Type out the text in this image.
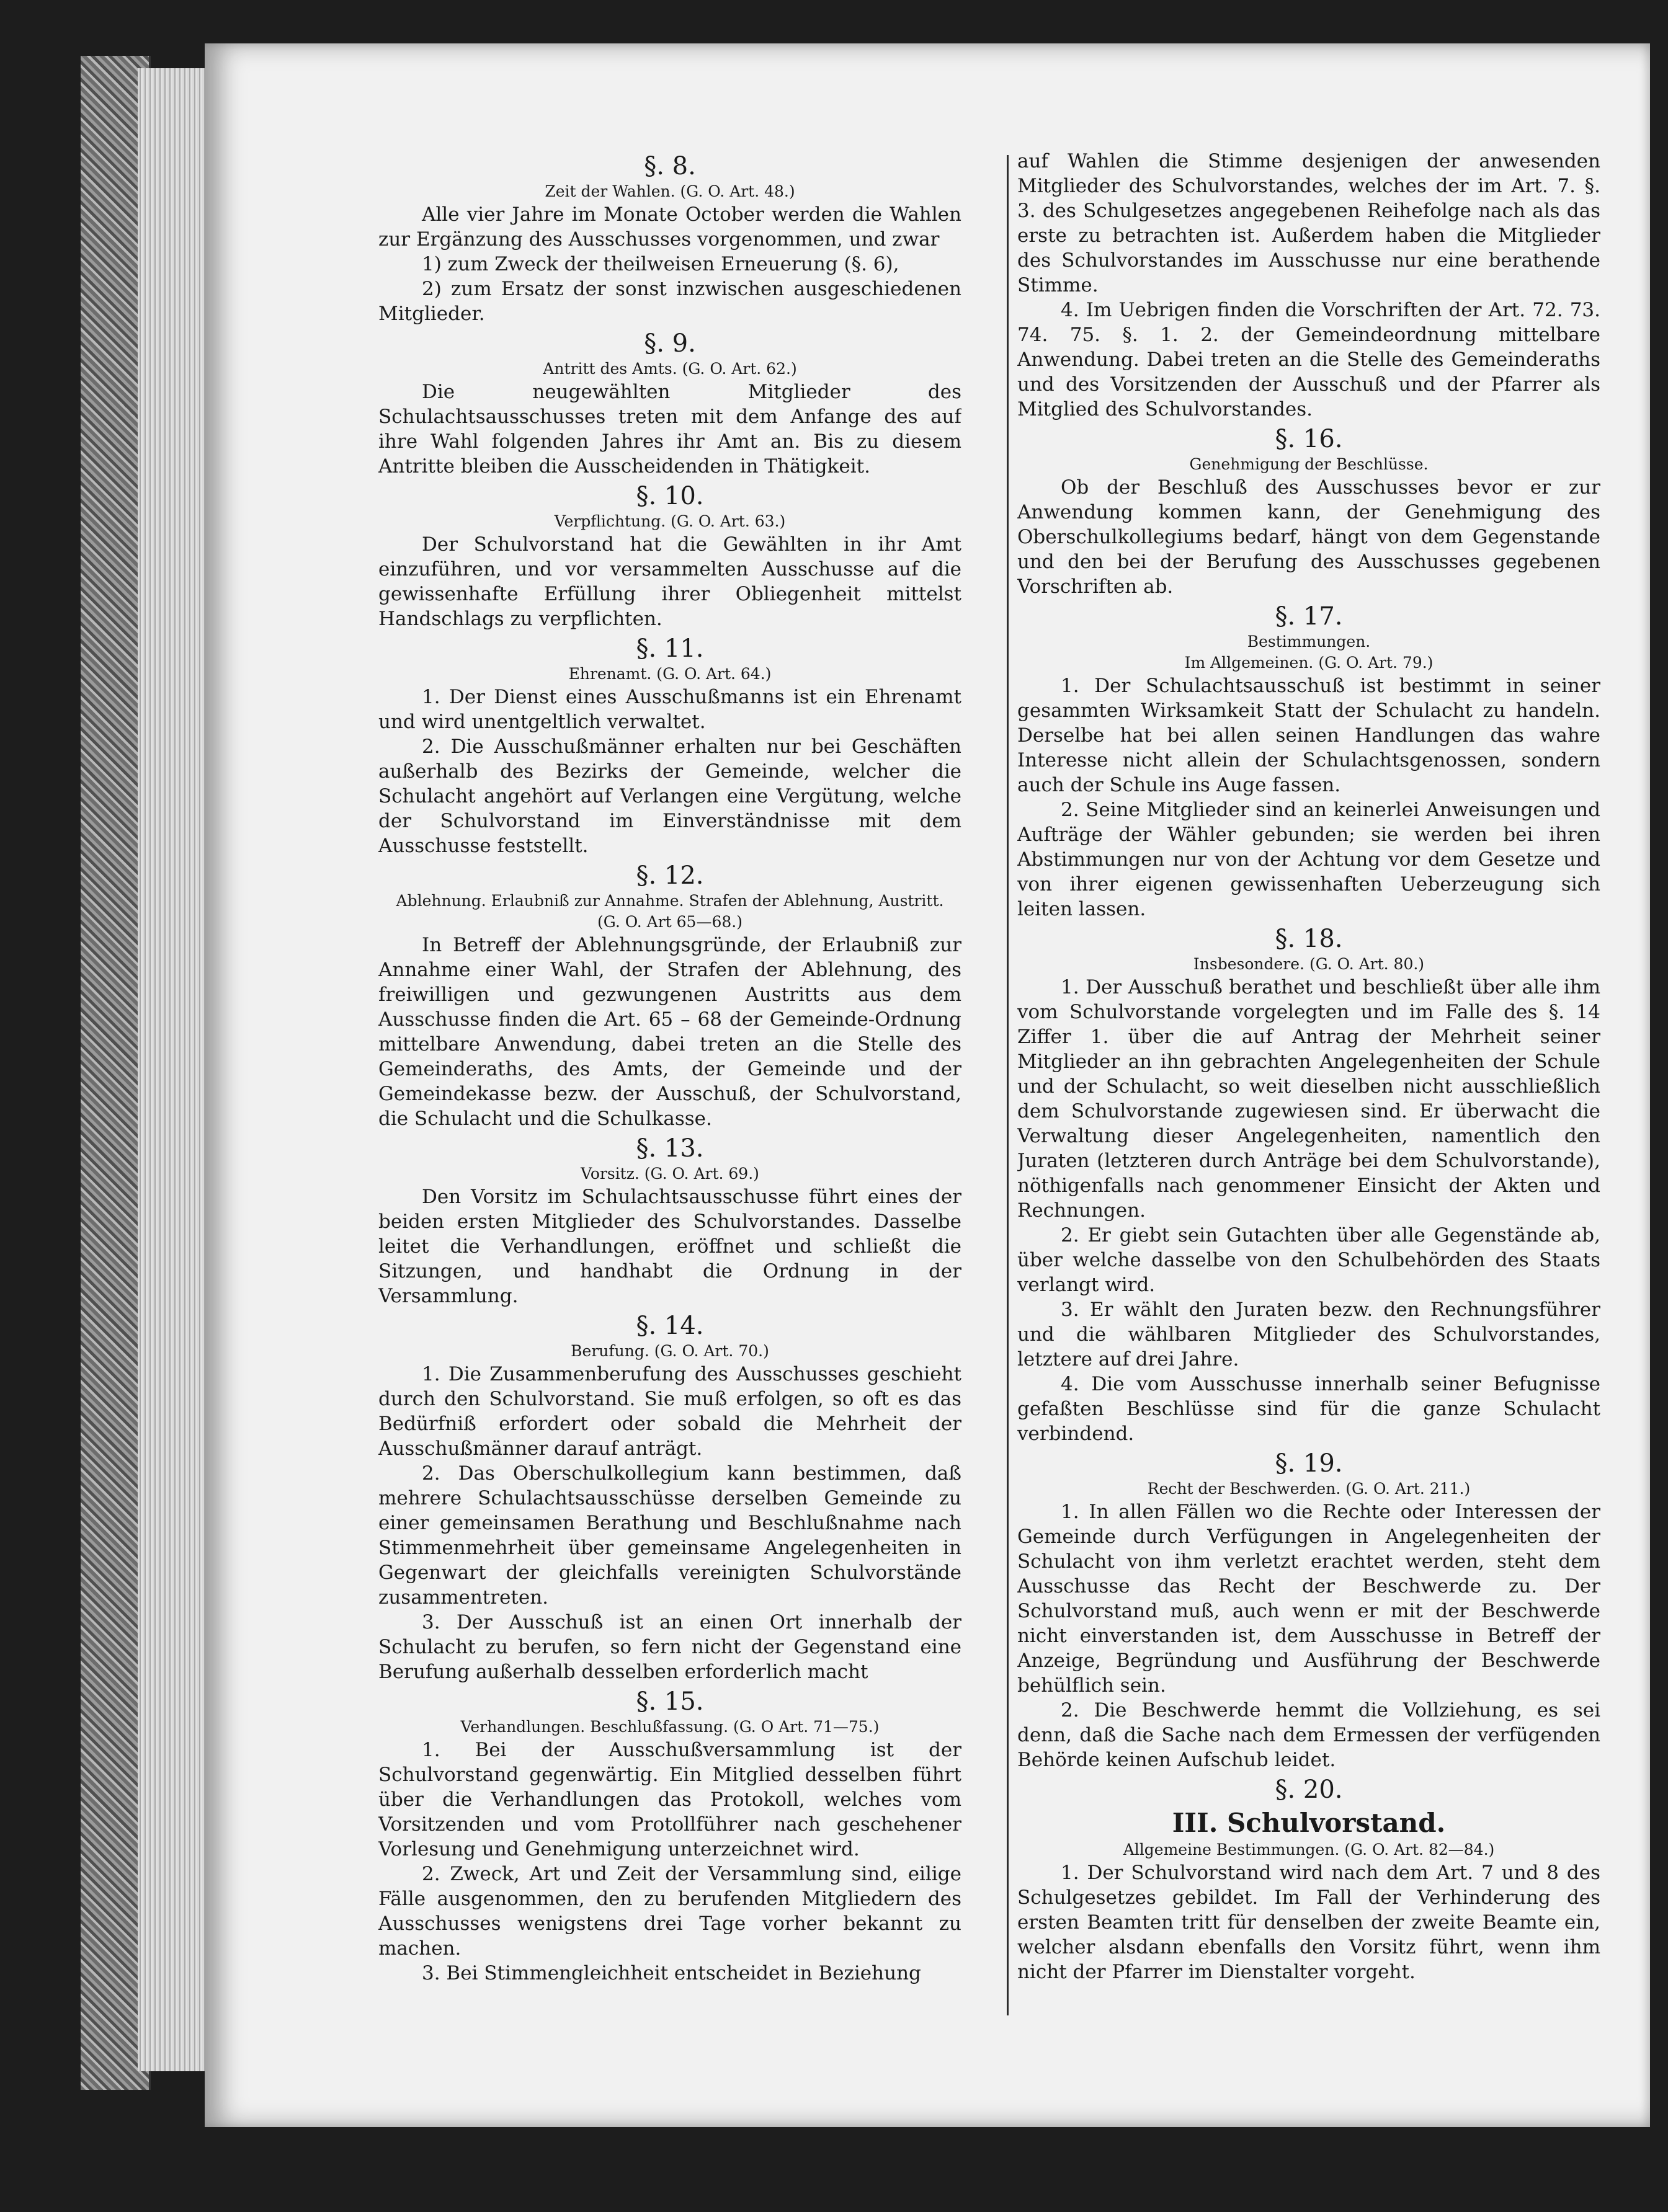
§. 8.

Zeit der Wahlen. (G. O. Art. 48.)

Alle vier Jahre im Monate October werden die Wahlen zur Ergänzung des Ausschusses vorgenommen, und zwar

1) zum Zweck der theilweisen Erneuerung (§. 6),

2) zum Ersatz der sonst inzwischen ausgeschiedenen Mitglieder.

§. 9.

Antritt des Amts. (G. O. Art. 62.)

Die neugewählten Mitglieder des Schulachtsausschusses treten mit dem Anfange des auf ihre Wahl folgenden Jahres ihr Amt an. Bis zu diesem Antritte bleiben die Ausscheidenden in Thätigkeit.

§. 10.

Verpflichtung. (G. O. Art. 63.)

Der Schulvorstand hat die Gewählten in ihr Amt einzuführen, und vor versammelten Ausschusse auf die gewissenhafte Erfüllung ihrer Obliegenheit mittelst Handschlags zu verpflichten.

§. 11.

Ehrenamt. (G. O. Art. 64.)

1. Der Dienst eines Ausschußmanns ist ein Ehrenamt und wird unentgeltlich verwaltet.

2. Die Ausschußmänner erhalten nur bei Geschäften außerhalb des Bezirks der Gemeinde, welcher die Schulacht angehört auf Verlangen eine Vergütung, welche der Schulvorstand im Einverständnisse mit dem Ausschusse feststellt.

§. 12.

Ablehnung. Erlaubniß zur Annahme. Strafen der Ablehnung, Austritt.

(G. O. Art 65—68.)

In Betreff der Ablehnungsgründe, der Erlaubniß zur Annahme einer Wahl, der Strafen der Ablehnung, des freiwilligen und gezwungenen Austritts aus dem Ausschusse finden die Art. 65 – 68 der Gemeinde-Ordnung mittelbare Anwendung, dabei treten an die Stelle des Gemeinderaths, des Amts, der Gemeinde und der Gemeindekasse bezw. der Ausschuß, der Schulvorstand, die Schulacht und die Schulkasse.

§. 13.

Vorsitz. (G. O. Art. 69.)

Den Vorsitz im Schulachtsausschusse führt eines der beiden ersten Mitglieder des Schulvorstandes. Dasselbe leitet die Verhandlungen, eröffnet und schließt die Sitzungen, und handhabt die Ordnung in der Versammlung.

§. 14.

Berufung. (G. O. Art. 70.)

1. Die Zusammenberufung des Ausschusses geschieht durch den Schulvorstand. Sie muß erfolgen, so oft es das Bedürfniß erfordert oder sobald die Mehrheit der Ausschußmänner darauf anträgt.

2. Das Oberschulkollegium kann bestimmen, daß mehrere Schulachtsausschüsse derselben Gemeinde zu einer gemeinsamen Berathung und Beschlußnahme nach Stimmenmehrheit über gemeinsame Angelegenheiten in Gegenwart der gleichfalls vereinigten Schulvorstände zusammentreten.

3. Der Ausschuß ist an einen Ort innerhalb der Schulacht zu berufen, so fern nicht der Gegenstand eine Berufung außerhalb desselben erforderlich macht

§. 15.

Verhandlungen. Beschlußfassung. (G. O Art. 71—75.)

1. Bei der Ausschußversammlung ist der Schulvorstand gegenwärtig. Ein Mitglied desselben führt über die Verhandlungen das Protokoll, welches vom Vorsitzenden und vom Protollführer nach geschehener Vorlesung und Genehmigung unterzeichnet wird.

2. Zweck, Art und Zeit der Versammlung sind, eilige Fälle ausgenommen, den zu berufenden Mitgliedern des Ausschusses wenigstens drei Tage vorher bekannt zu machen.

3. Bei Stimmengleichheit entscheidet in Beziehung

auf Wahlen die Stimme desjenigen der anwesenden Mitglieder des Schulvorstandes, welches der im Art. 7. §. 3. des Schulgesetzes angegebenen Reihefolge nach als das erste zu betrachten ist. Außerdem haben die Mitglieder des Schulvorstandes im Ausschusse nur eine berathende Stimme.

4. Im Uebrigen finden die Vorschriften der Art. 72. 73. 74. 75. §. 1. 2. der Gemeindeordnung mittelbare Anwendung. Dabei treten an die Stelle des Gemeinderaths und des Vorsitzenden der Ausschuß und der Pfarrer als Mitglied des Schulvorstandes.

§. 16.

Genehmigung der Beschlüsse.

Ob der Beschluß des Ausschusses bevor er zur Anwendung kommen kann, der Genehmigung des Oberschulkollegiums bedarf, hängt von dem Gegenstande und den bei der Berufung des Ausschusses gegebenen Vorschriften ab.

§. 17.

Bestimmungen.

Im Allgemeinen. (G. O. Art. 79.)

1. Der Schulachtsausschuß ist bestimmt in seiner gesammten Wirksamkeit Statt der Schulacht zu handeln. Derselbe hat bei allen seinen Handlungen das wahre Interesse nicht allein der Schulachtsgenossen, sondern auch der Schule ins Auge fassen.

2. Seine Mitglieder sind an keinerlei Anweisungen und Aufträge der Wähler gebunden; sie werden bei ihren Abstimmungen nur von der Achtung vor dem Gesetze und von ihrer eigenen gewissenhaften Ueberzeugung sich leiten lassen.

§. 18.

Insbesondere. (G. O. Art. 80.)

1. Der Ausschuß berathet und beschließt über alle ihm vom Schulvorstande vorgelegten und im Falle des §. 14 Ziffer 1. über die auf Antrag der Mehrheit seiner Mitglieder an ihn gebrachten Angelegenheiten der Schule und der Schulacht, so weit dieselben nicht ausschließlich dem Schulvorstande zugewiesen sind. Er überwacht die Verwaltung dieser Angelegenheiten, namentlich den Juraten (letzteren durch Anträge bei dem Schulvorstande), nöthigenfalls nach genommener Einsicht der Akten und Rechnungen.

2. Er giebt sein Gutachten über alle Gegenstände ab, über welche dasselbe von den Schulbehörden des Staats verlangt wird.

3. Er wählt den Juraten bezw. den Rechnungsführer und die wählbaren Mitglieder des Schulvorstandes, letztere auf drei Jahre.

4. Die vom Ausschusse innerhalb seiner Befugnisse gefaßten Beschlüsse sind für die ganze Schulacht verbindend.

§. 19.

Recht der Beschwerden. (G. O. Art. 211.)

1. In allen Fällen wo die Rechte oder Interessen der Gemeinde durch Verfügungen in Angelegenheiten der Schulacht von ihm verletzt erachtet werden, steht dem Ausschusse das Recht der Beschwerde zu. Der Schulvorstand muß, auch wenn er mit der Beschwerde nicht einverstanden ist, dem Ausschusse in Betreff der Anzeige, Begründung und Ausführung der Beschwerde behülflich sein.

2. Die Beschwerde hemmt die Vollziehung, es sei denn, daß die Sache nach dem Ermessen der verfügenden Behörde keinen Aufschub leidet.

§. 20.

III. Schulvorstand.

Allgemeine Bestimmungen. (G. O. Art. 82—84.)

1. Der Schulvorstand wird nach dem Art. 7 und 8 des Schulgesetzes gebildet. Im Fall der Verhinderung des ersten Beamten tritt für denselben der zweite Beamte ein, welcher alsdann ebenfalls den Vorsitz führt, wenn ihm nicht der Pfarrer im Dienstalter vorgeht.
